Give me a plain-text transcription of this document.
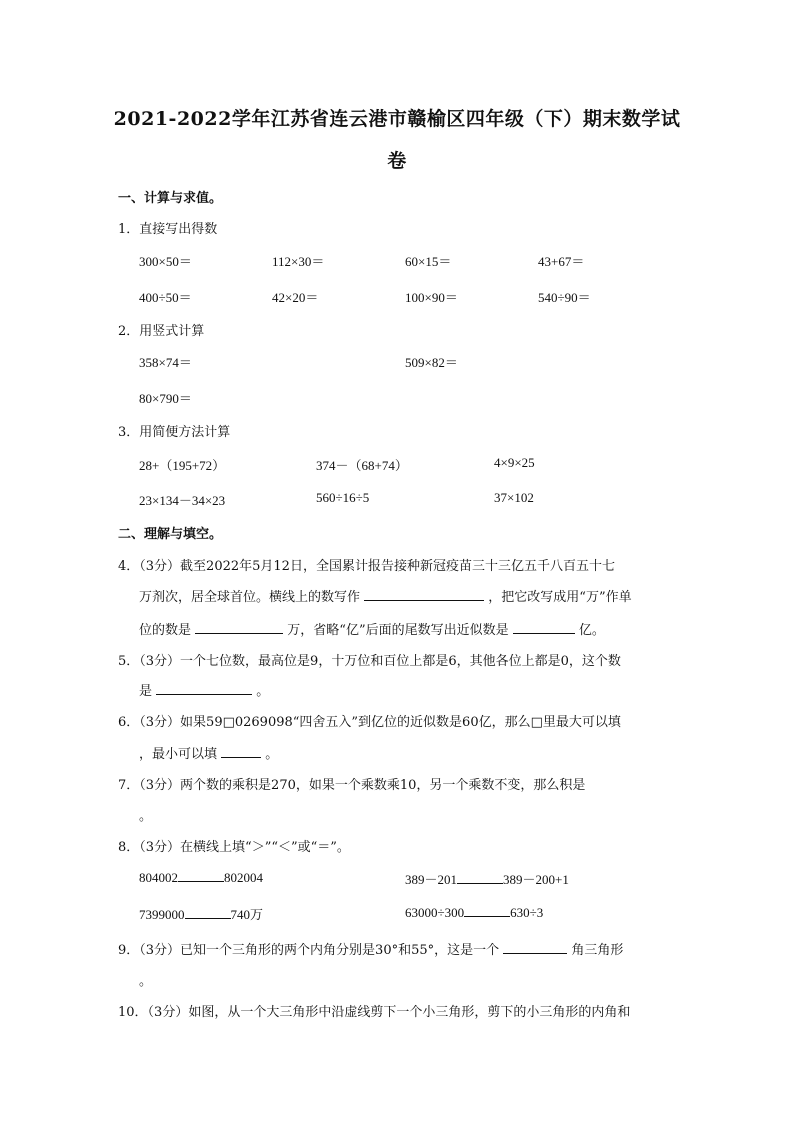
2021-2022学年江苏省连云港市赣榆区四年级（下）期末数学试
卷
一、计算与求值。
1．直接写出得数
300×50＝	112×30＝	60×15＝	43+67＝
400÷50＝	42×20＝	100×90＝	540÷90＝
2．用竖式计算
358×74＝	509×82＝
80×790＝
3．用简便方法计算
28+（195+72）	374－（68+74）	4×9×25
23×134－34×23	560÷16÷5	37×102
二、理解与填空。
4．（3分）截至2022年5月12日，全国累计报告接种新冠疫苗三十三亿五千八百五十七
万剂次，居全球首位。横线上的数写作	，把它改写成用“万”作单
位的数是	万，省略“亿”后面的尾数写出近似数是	亿。
5．（3分）一个七位数，最高位是9，十万位和百位上都是6，其他各位上都是0，这个数
是	。
6．（3分）如果59□0269098“四舍五入”到亿位的近似数是60亿，那么□里最大可以填
，最小可以填	。
7．（3分）两个数的乘积是270，如果一个乘数乘10，另一个乘数不变，那么积是
。
8．（3分）在横线上填“＞”“＜”或“＝”。
804002	802004	389－201	389－200+1
7399000	740万	63000÷300	630÷3
9．（3分）已知一个三角形的两个内角分别是30°和55°，这是一个	角三角形
。
10．（3分）如图，从一个大三角形中沿虚线剪下一个小三角形，剪下的小三角形的内角和
